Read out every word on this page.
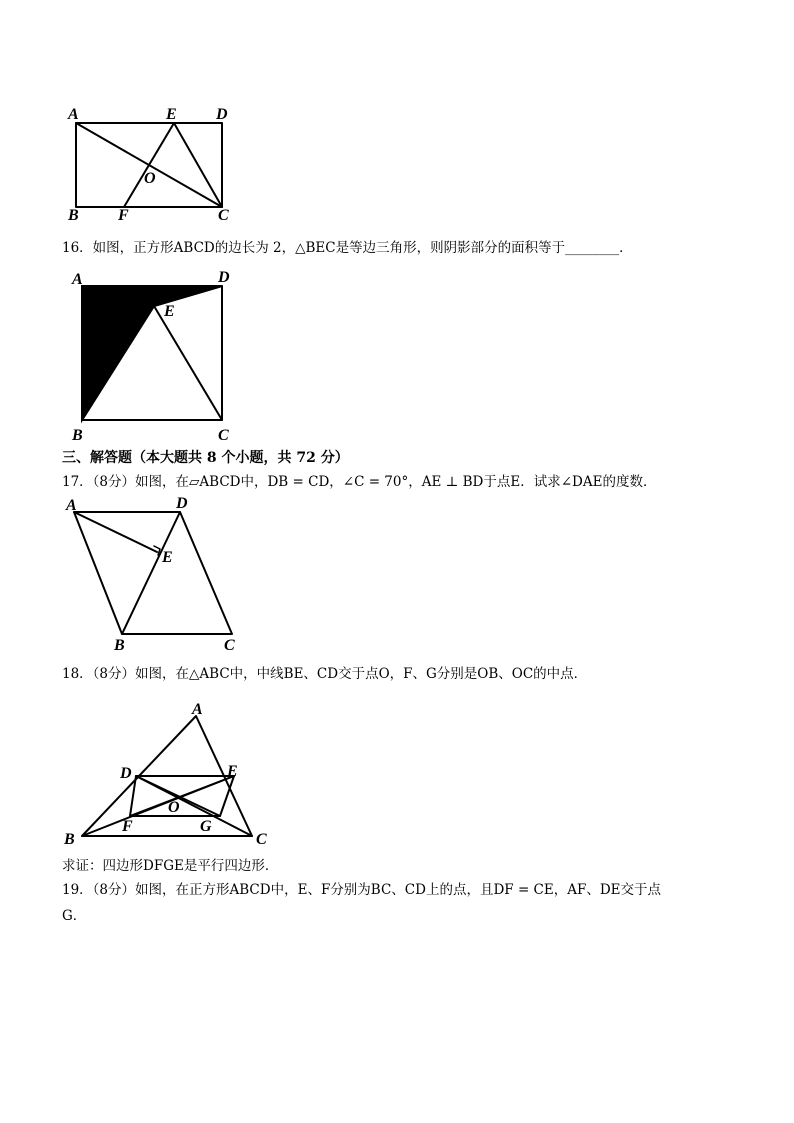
A	E D
O
B F	C

16．如图，正方形ABCD的边长为 2，△BEC是等边三角形，则阴影部分的面积等于________．

A	D
E
B	C

三、解答题（本大题共 8 个小题，共 72 分）

17．（8分）如图，在▱ABCD中，DB = CD，∠C = 70°，AE ⊥ BD于点E．试求∠DAE的度数．

A	D
E
B	C

18．（8分）如图，在△ABC中，中线BE、CD交于点O，F、G分别是OB、OC的中点．

A
D	E
O
B
F	G
C

求证：四边形DFGE是平行四边形．

19．（8分）如图，在正方形ABCD中，E、F分别为BC、CD上的点，且DF = CE，AF、DE交于点

G．
